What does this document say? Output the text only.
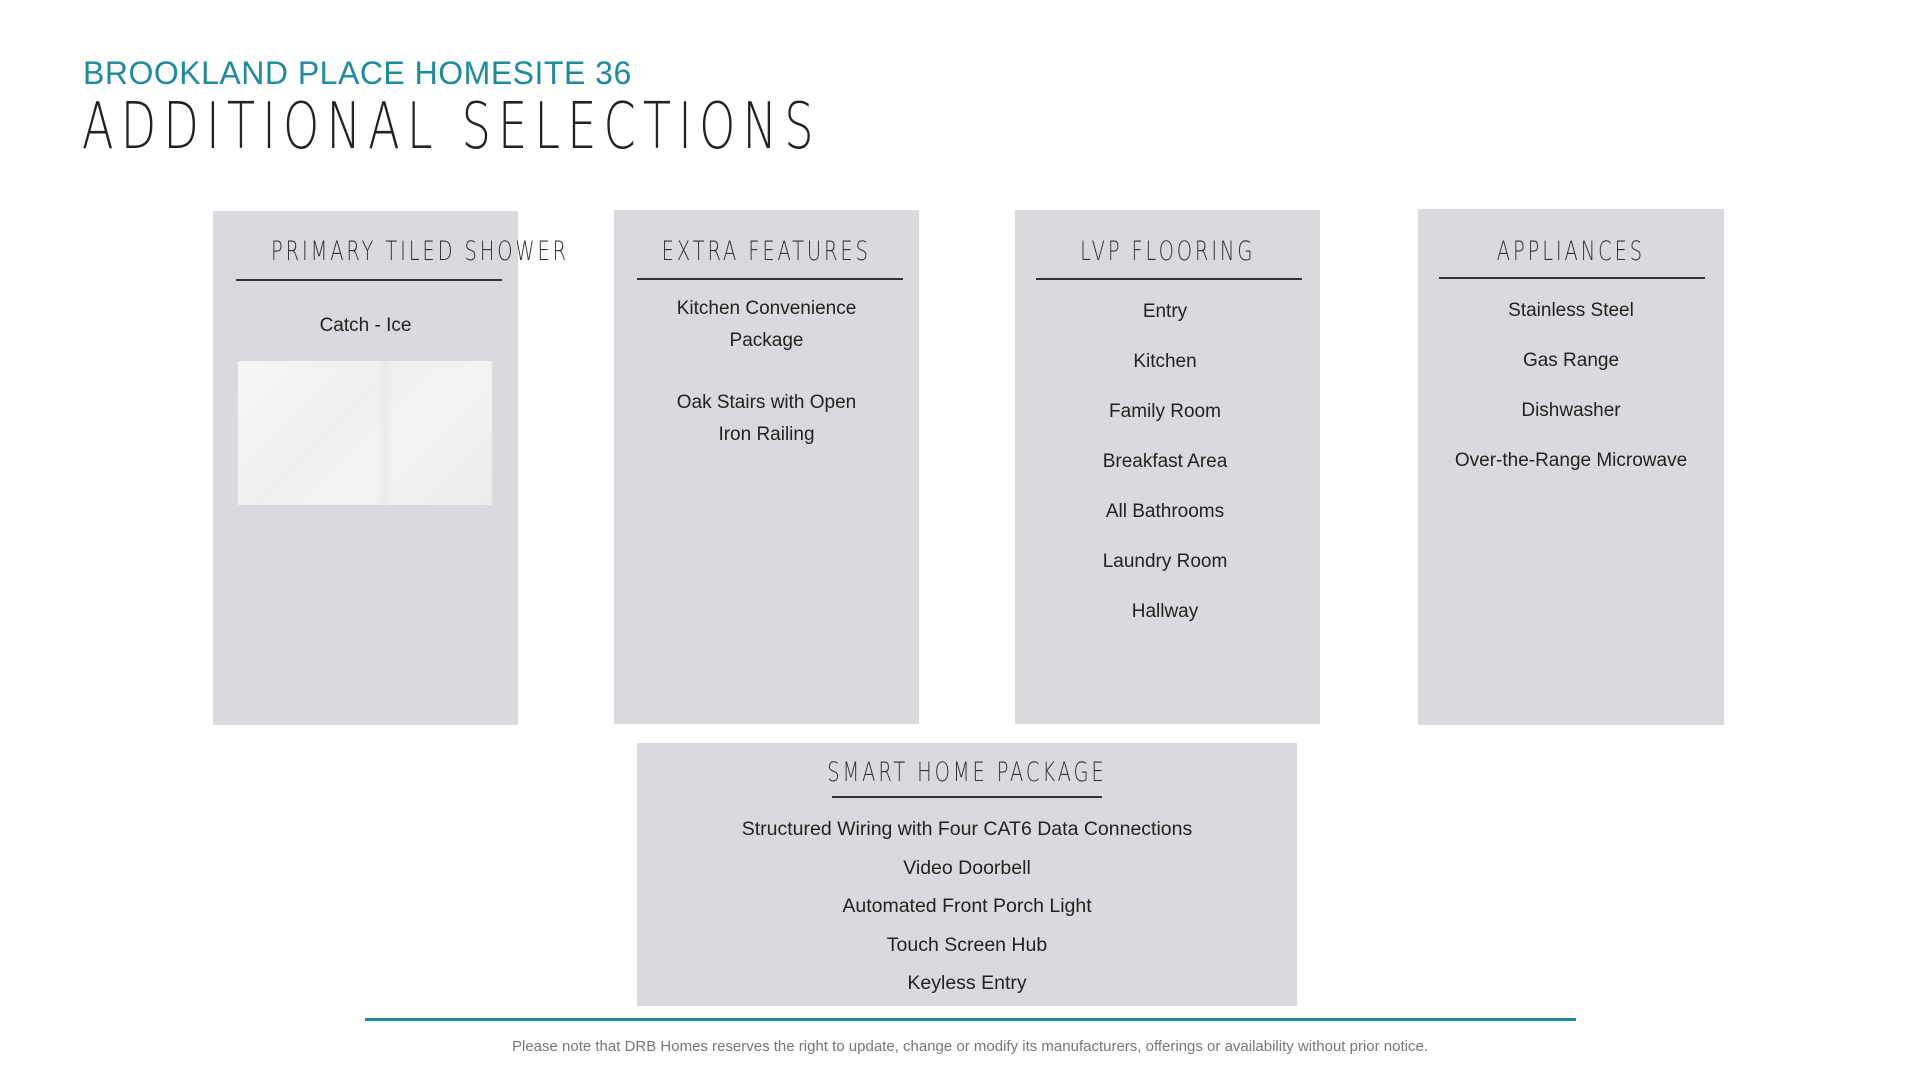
BROOKLAND PLACE HOMESITE 36
ADDITIONAL SELECTIONS
PRIMARY TILED SHOWER
Catch - Ice
EXTRA FEATURES
Kitchen Convenience Package
Oak Stairs with Open Iron Railing
LVP FLOORING
Entry
Kitchen
Family Room
Breakfast Area
All Bathrooms
Laundry Room
Hallway
APPLIANCES
Stainless Steel
Gas Range
Dishwasher
Over-the-Range Microwave
SMART HOME PACKAGE
Structured Wiring with Four CAT6 Data Connections
Video Doorbell
Automated Front Porch Light
Touch Screen Hub
Keyless Entry
Please note that DRB Homes reserves the right to update, change or modify its manufacturers, offerings or availability without prior notice.
